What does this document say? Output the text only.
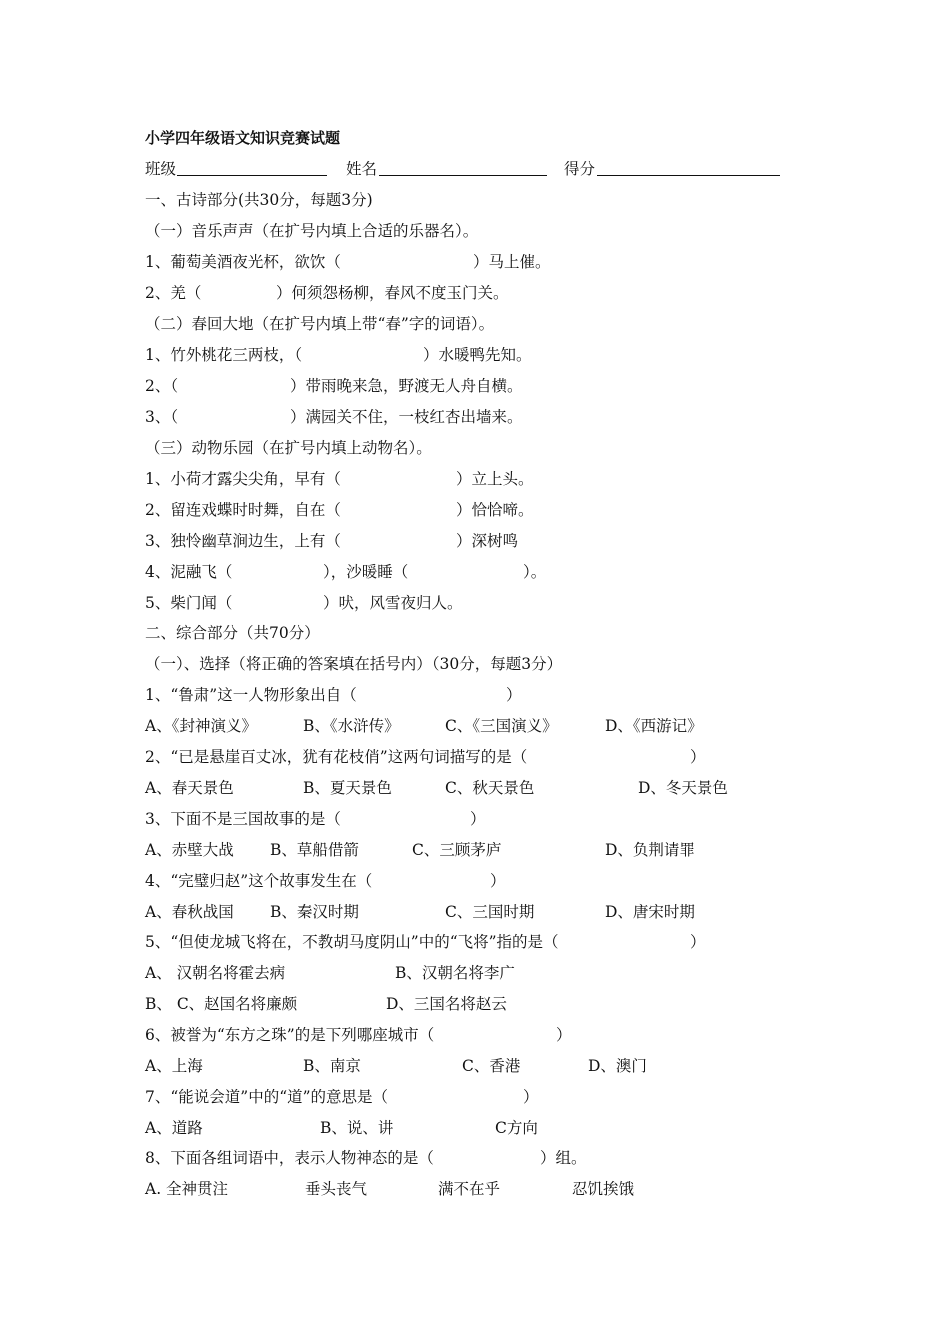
小学四年级语文知识竞赛试题
班级	姓名	得分
一、古诗部分(共30分，每题3分)
（一）音乐声声（在扩号内填上合适的乐器名）。
1、葡萄美酒夜光杯，欲饮（	）马上催。
2、羌（	）何须怨杨柳，春风不度玉门关。
（二）春回大地（在扩号内填上带“春”字的词语）。
1、竹外桃花三两枝，（	）水暖鸭先知。
2、（	）带雨晚来急，野渡无人舟自横。
3、（	）满园关不住，一枝红杏出墙来。
（三）动物乐园（在扩号内填上动物名）。
1、小荷才露尖尖角，早有（	）立上头。
2、留连戏蝶时时舞，自在（	）恰恰啼。
3、独怜幽草涧边生，上有（	）深树鸣
4、泥融飞（	），沙暖睡（	）。
5、柴门闻（	）吠，风雪夜归人。
二、综合部分（共70分）
（一）、选择（将正确的答案填在括号内）（30分，每题3分）
1、“鲁肃”这一人物形象出自（	）
A、《封神演义》	B、《水浒传》	C、《三国演义》	D、《西游记》
2、“已是悬崖百丈冰，犹有花枝俏”这两句词描写的是（	）
A、春天景色	B、夏天景色	C、秋天景色	D、冬天景色
3、下面不是三国故事的是（	）
A、赤壁大战 B、草船借箭	C、三顾茅庐	D、负荆请罪
4、“完璧归赵”这个故事发生在（	）
A、春秋战国 B、秦汉时期	C、三国时期	D、唐宋时期
5、“但使龙城飞将在，不教胡马度阴山”中的“飞将”指的是（	）
A、 汉朝名将霍去病	B、汉朝名将李广
B、 C、赵国名将廉颇	D、三国名将赵云
6、被誉为“东方之珠”的是下列哪座城市（	）
A、上海	B、南京	C、香港	D、澳门
7、“能说会道”中的“道”的意思是（	）
A、道路	B、说、讲	C方向
8、下面各组词语中，表示人物神态的是（	）组。
A. 全神贯注	垂头丧气	满不在乎	忍饥挨饿
